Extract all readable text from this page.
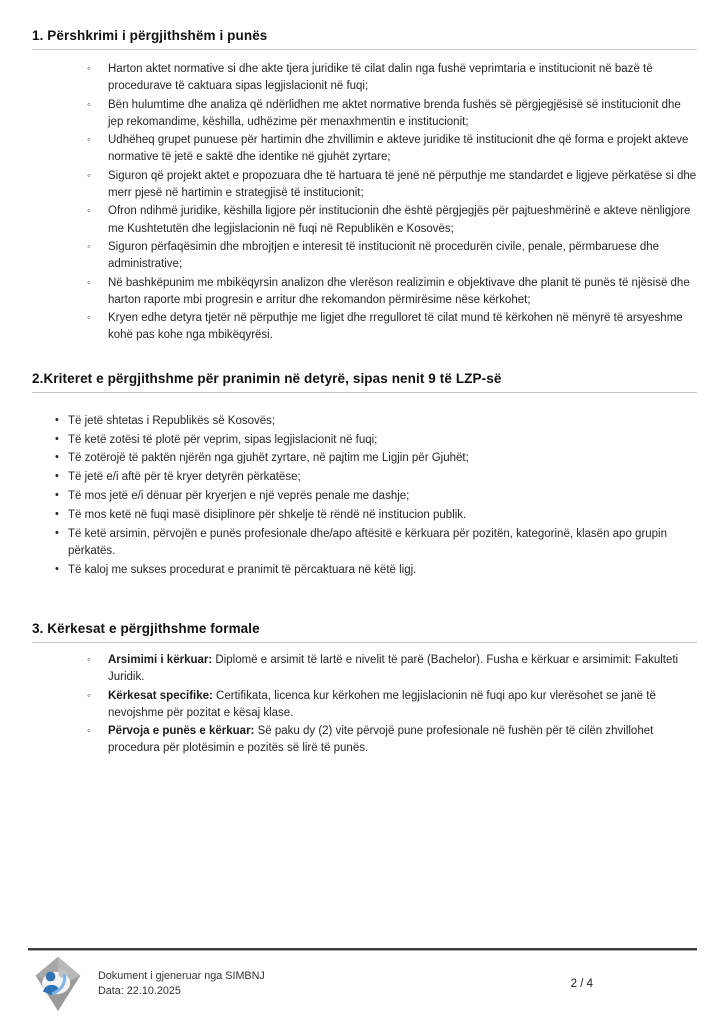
1. Përshkrimi i përgjithshëm i punës
◦ Harton aktet normative si dhe akte tjera juridike të cilat dalin nga fushë veprimtaria e institucionit në bazë të procedurave të caktuara sipas legjislacionit në fuqi;
◦ Bën hulumtime dhe analiza që ndërlidhen me aktet normative brenda fushës së përgjegjësisë së institucionit dhe jep rekomandime, këshilla, udhëzime për menaxhmentin e institucionit;
◦ Udhëheq grupet punuese për hartimin dhe zhvillimin e akteve juridike të institucionit dhe që forma e projekt akteve normative të jetë e saktë dhe identike në gjuhët zyrtare;
◦ Siguron që projekt aktet e propozuara dhe të hartuara të jenë në përputhje me standardet e ligjeve përkatëse si dhe merr pjesë në hartimin e strategjisë të institucionit;
◦ Ofron ndihmë juridike, këshilla ligjore për institucionin dhe është përgjegjës për pajtueshmërinë e akteve nënligjore me Kushtetutën dhe legjislacionin në fuqi në Republikën e Kosovës;
◦ Siguron përfaqësimin dhe mbrojtjen e interesit të institucionit në procedurën civile, penale, përmbaruese dhe administrative;
◦ Në bashkëpunim me mbikëqyrsin analizon dhe vlerëson realizimin e objektivave dhe planit të punës të njësisë dhe harton raporte mbi progresin e arritur dhe rekomandon përmirësime nëse kërkohet;
◦ Kryen edhe detyra tjetër në përputhje me ligjet dhe rregulloret të cilat mund të kërkohen në mënyrë të arsyeshme kohë pas kohe nga mbikëqyrësi.
2.Kriteret e përgjithshme për pranimin në detyrë, sipas nenit 9 të LZP-së
• Të jetë shtetas i Republikës së Kosovës;
• Të ketë zotësi të plotë për veprim, sipas legjislacionit në fuqi;
• Të zotërojë të paktën njërën nga gjuhët zyrtare, në pajtim me Ligjin për Gjuhët;
• Të jetë e/i aftë për të kryer detyrën përkatëse;
• Të mos jetë e/i dënuar për kryerjen e një veprës penale me dashje;
• Të mos ketë në fuqi masë disiplinore për shkelje të rëndë në institucion publik.
• Të ketë arsimin, përvojën e punës profesionale dhe/apo aftësitë e kërkuara për pozitën, kategorinë, klasën apo grupin përkatës.
• Të kaloj me sukses procedurat e pranimit të përcaktuara në këtë ligj.
3. Kërkesat e përgjithshme formale
◦ Arsimimi i kërkuar: Diplomë e arsimit të lartë e nivelit të parë (Bachelor). Fusha e kërkuar e arsimimit: Fakulteti Juridik.
◦ Kërkesat specifike: Certifikata, licenca kur kërkohen me legjislacionin në fuqi apo kur vlerësohet se janë të nevojshme për pozitat e kësaj klase.
◦ Përvoja e punës e kërkuar: Së paku dy (2) vite përvojë pune profesionale në fushën për të cilën zhvillohet procedura për plotësimin e pozitës së lirë të punës.
Dokument i gjeneruar nga SIMBNJ
Data: 22.10.2025
2 / 4
